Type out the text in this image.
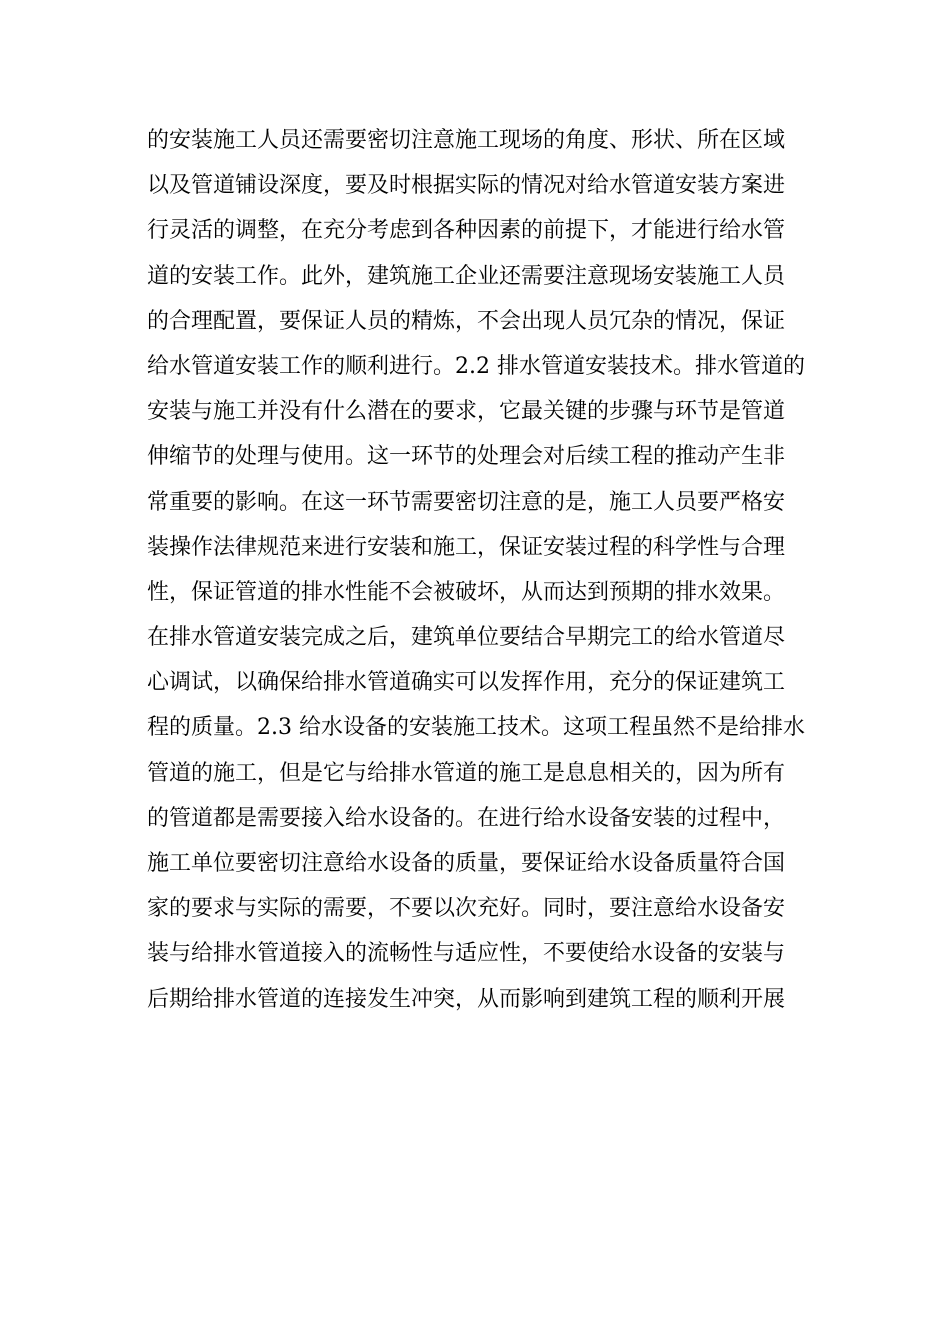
的安装施工人员还需要密切注意施工现场的角度、形状、所在区域
以及管道铺设深度，要及时根据实际的情况对给水管道安装方案进
行灵活的调整，在充分考虑到各种因素的前提下，才能进行给水管
道的安装工作。此外，建筑施工企业还需要注意现场安装施工人员
的合理配置，要保证人员的精炼，不会出现人员冗杂的情况，保证
给水管道安装工作的顺利进行。2.2 排水管道安装技术。排水管道的
安装与施工并没有什么潜在的要求，它最关键的步骤与环节是管道
伸缩节的处理与使用。这一环节的处理会对后续工程的推动产生非
常重要的影响。在这一环节需要密切注意的是，施工人员要严格安
装操作法律规范来进行安装和施工，保证安装过程的科学性与合理
性，保证管道的排水性能不会被破坏，从而达到预期的排水效果。
在排水管道安装完成之后，建筑单位要结合早期完工的给水管道尽
心调试，以确保给排水管道确实可以发挥作用，充分的保证建筑工
程的质量。2.3 给水设备的安装施工技术。这项工程虽然不是给排水
管道的施工，但是它与给排水管道的施工是息息相关的，因为所有
的管道都是需要接入给水设备的。在进行给水设备安装的过程中，
施工单位要密切注意给水设备的质量，要保证给水设备质量符合国
家的要求与实际的需要，不要以次充好。同时，要注意给水设备安
装与给排水管道接入的流畅性与适应性，不要使给水设备的安装与
后期给排水管道的连接发生冲突，从而影响到建筑工程的顺利开展
